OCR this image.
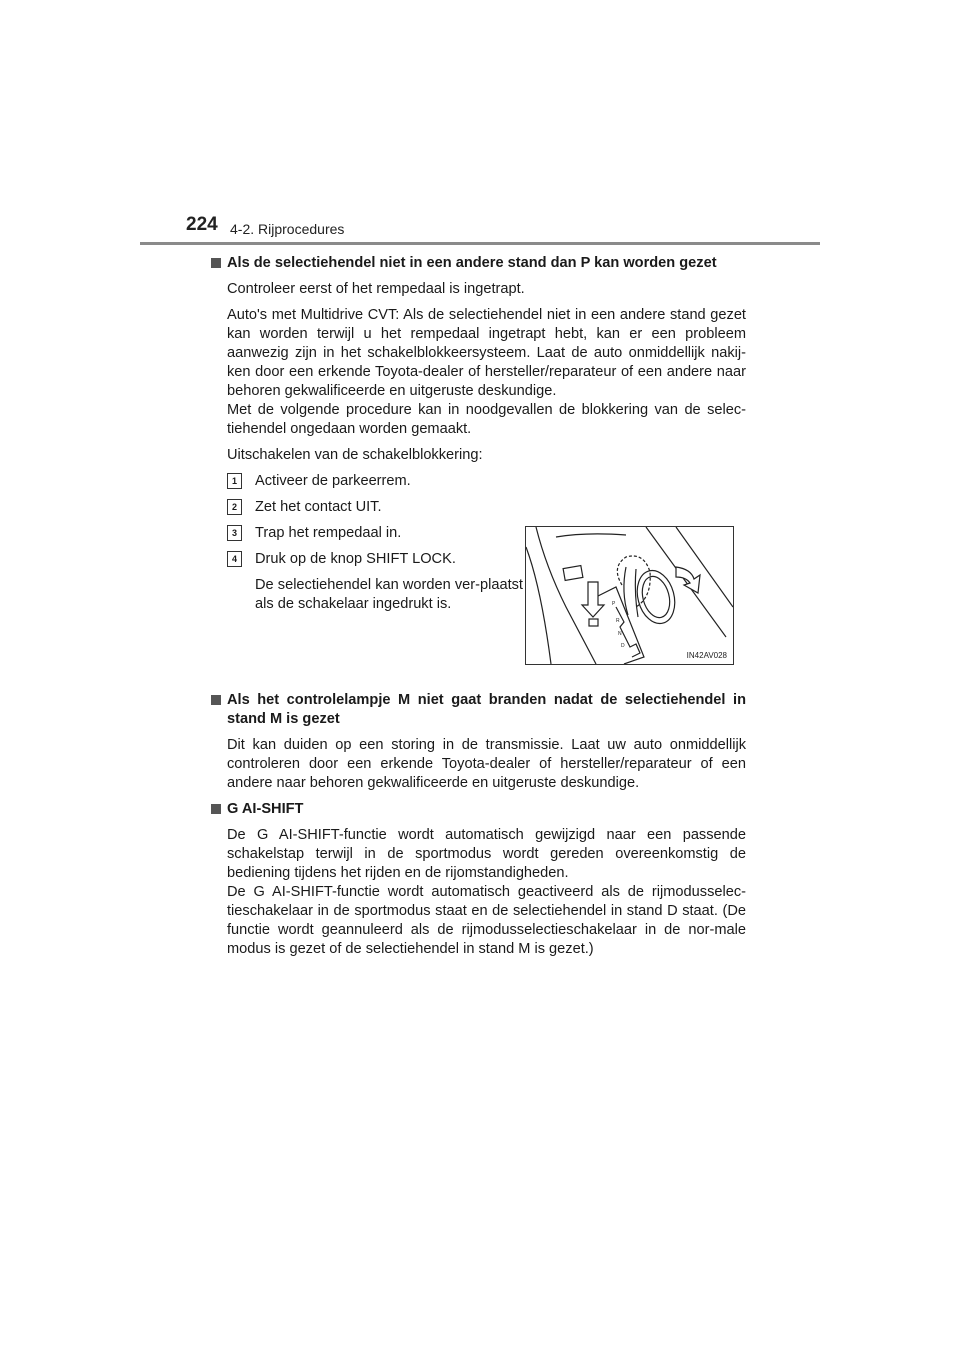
224 4-2. Rijprocedures
Als de selectiehendel niet in een andere stand dan P kan worden gezet

Controleer eerst of het rempedaal is ingetrapt.

Auto's met Multidrive CVT: Als de selectiehendel niet in een andere stand gezet kan worden terwijl u het rempedaal ingetrapt hebt, kan er een probleem aanwezig zijn in het schakelblokkeersysteem. Laat de auto onmiddellijk nakij-ken door een erkende Toyota-dealer of hersteller/reparateur of een andere naar behoren gekwalificeerde en uitgeruste deskundige.

Met de volgende procedure kan in noodgevallen de blokkering van de selec-tiehendel ongedaan worden gemaakt.

Uitschakelen van de schakelblokkering:

1	Activeer de parkeerrem.
2	Zet het contact UIT.
3	Trap het rempedaal in.
4	Druk op de knop SHIFT LOCK.
De selectiehendel kan worden ver-plaatst als de schakelaar ingedrukt is.
Als het controlelampje M niet gaat branden nadat de selectiehendel in stand M is gezet

Dit kan duiden op een storing in de transmissie. Laat uw auto onmiddellijk controleren door een erkende Toyota-dealer of hersteller/reparateur of een andere naar behoren gekwalificeerde en uitgeruste deskundige.

G AI-SHIFT

De G AI-SHIFT-functie wordt automatisch gewijzigd naar een passende schakelstap terwijl in de sportmodus wordt gereden overeenkomstig de bediening tijdens het rijden en de rijomstandigheden.

De G AI-SHIFT-functie wordt automatisch geactiveerd als de rijmodusselec-tieschakelaar in de sportmodus staat en de selectiehendel in stand D staat. (De functie wordt geannuleerd als de rijmodusselectieschakelaar in de nor-male modus is gezet of de selectiehendel in stand M is gezet.)

P
R
N
D
IN42AV028
